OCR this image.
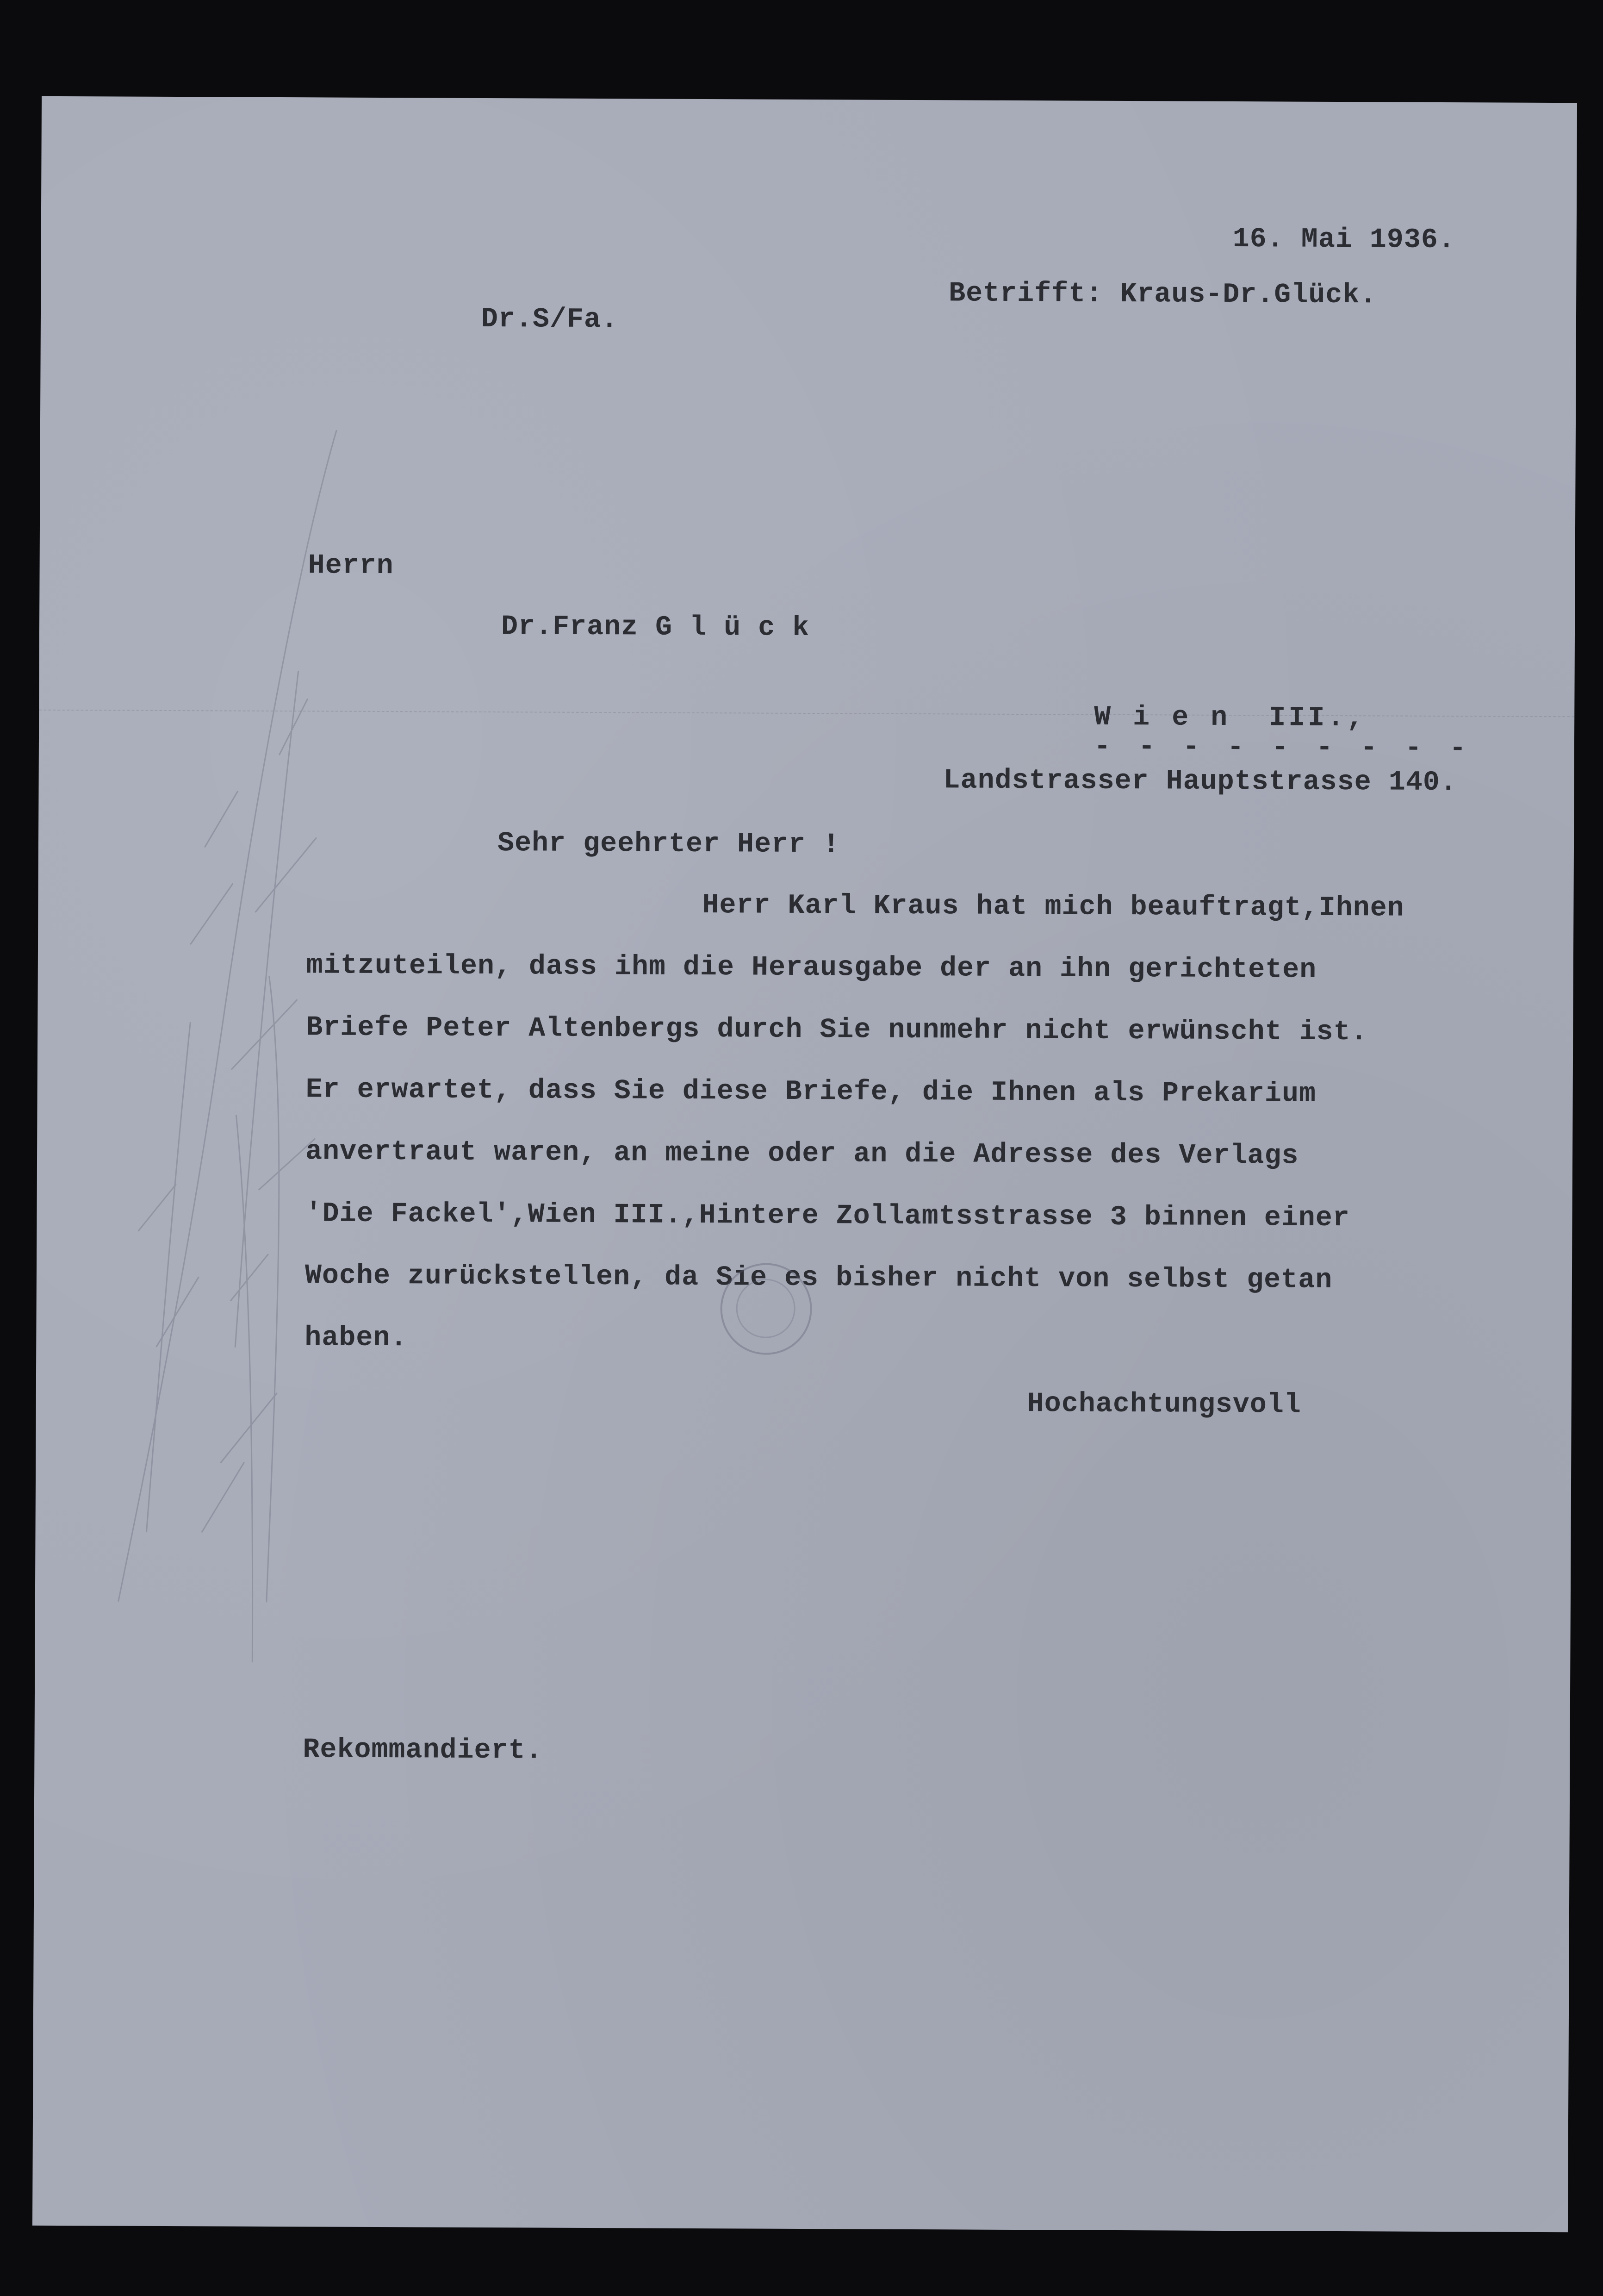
16. Mai 1936.
Betrifft: Kraus-Dr.Glück.
Dr.S/Fa.
Herrn
Dr.Franz G l ü c k
W i e n  III.,
- - - - - - - - -
Landstrasser Hauptstrasse 140.
Sehr geehrter Herr !
Herr Karl Kraus hat mich beauftragt,Ihnen
mitzuteilen, dass ihm die Herausgabe der an ihn gerichteten
Briefe Peter Altenbergs durch Sie nunmehr nicht erwünscht ist.
Er erwartet, dass Sie diese Briefe, die Ihnen als Prekarium
anvertraut waren, an meine oder an die Adresse des Verlags
'Die Fackel',Wien III.,Hintere Zollamtsstrasse 3 binnen einer
Woche zurückstellen, da Sie es bisher nicht von selbst getan
haben.
Hochachtungsvoll
Rekommandiert.
